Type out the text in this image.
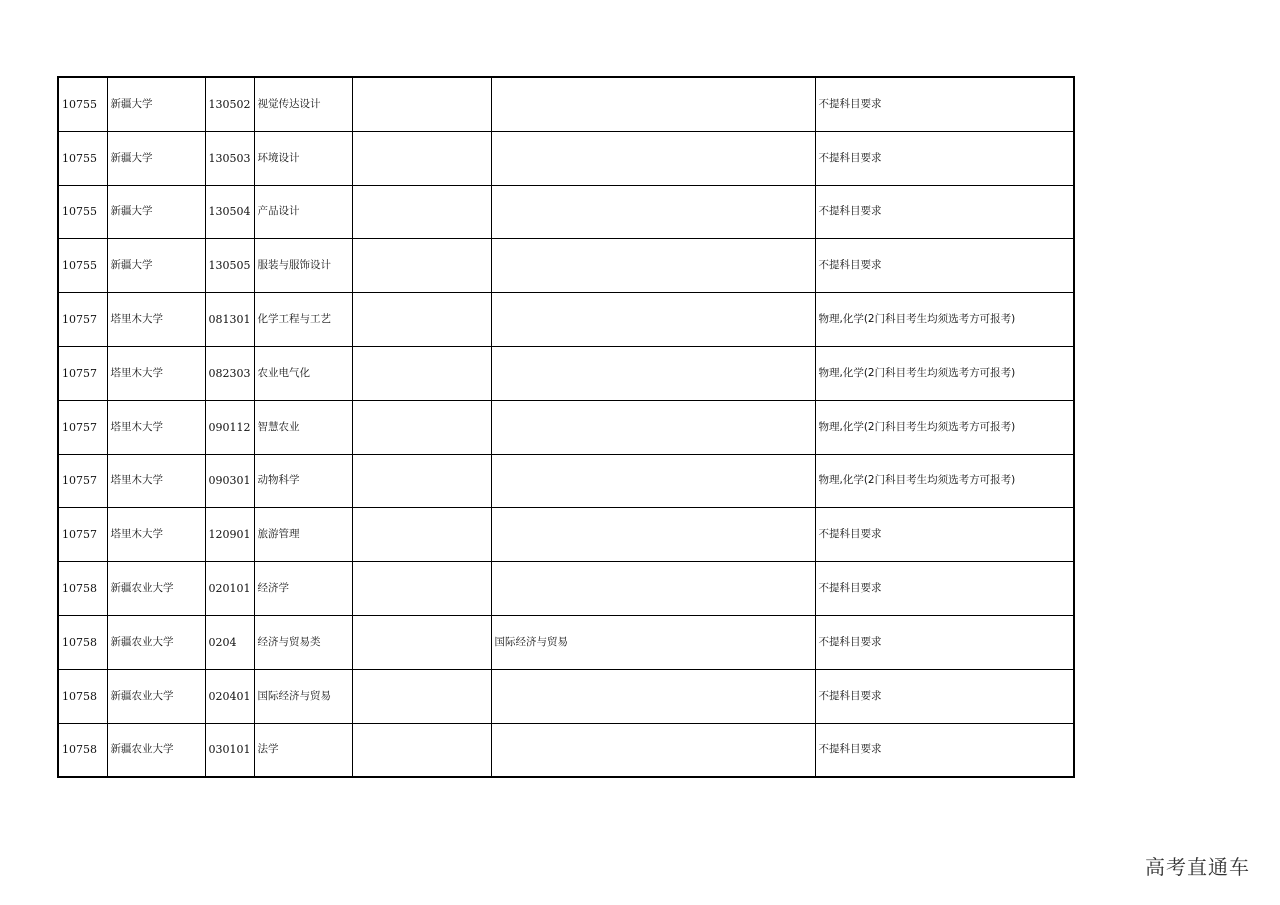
10755	新疆大学	130502	视觉传达设计			不提科目要求
10755	新疆大学	130503	环境设计			不提科目要求
10755	新疆大学	130504	产品设计			不提科目要求
10755	新疆大学	130505	服装与服饰设计			不提科目要求
10757	塔里木大学	081301	化学工程与工艺			物理,化学(2门科目考生均须选考方可报考)
10757	塔里木大学	082303	农业电气化			物理,化学(2门科目考生均须选考方可报考)
10757	塔里木大学	090112	智慧农业			物理,化学(2门科目考生均须选考方可报考)
10757	塔里木大学	090301	动物科学			物理,化学(2门科目考生均须选考方可报考)
10757	塔里木大学	120901	旅游管理			不提科目要求
10758	新疆农业大学	020101	经济学			不提科目要求
10758	新疆农业大学	0204	经济与贸易类		国际经济与贸易	不提科目要求
10758	新疆农业大学	020401	国际经济与贸易			不提科目要求
10758	新疆农业大学	030101	法学			不提科目要求
高考直通车
